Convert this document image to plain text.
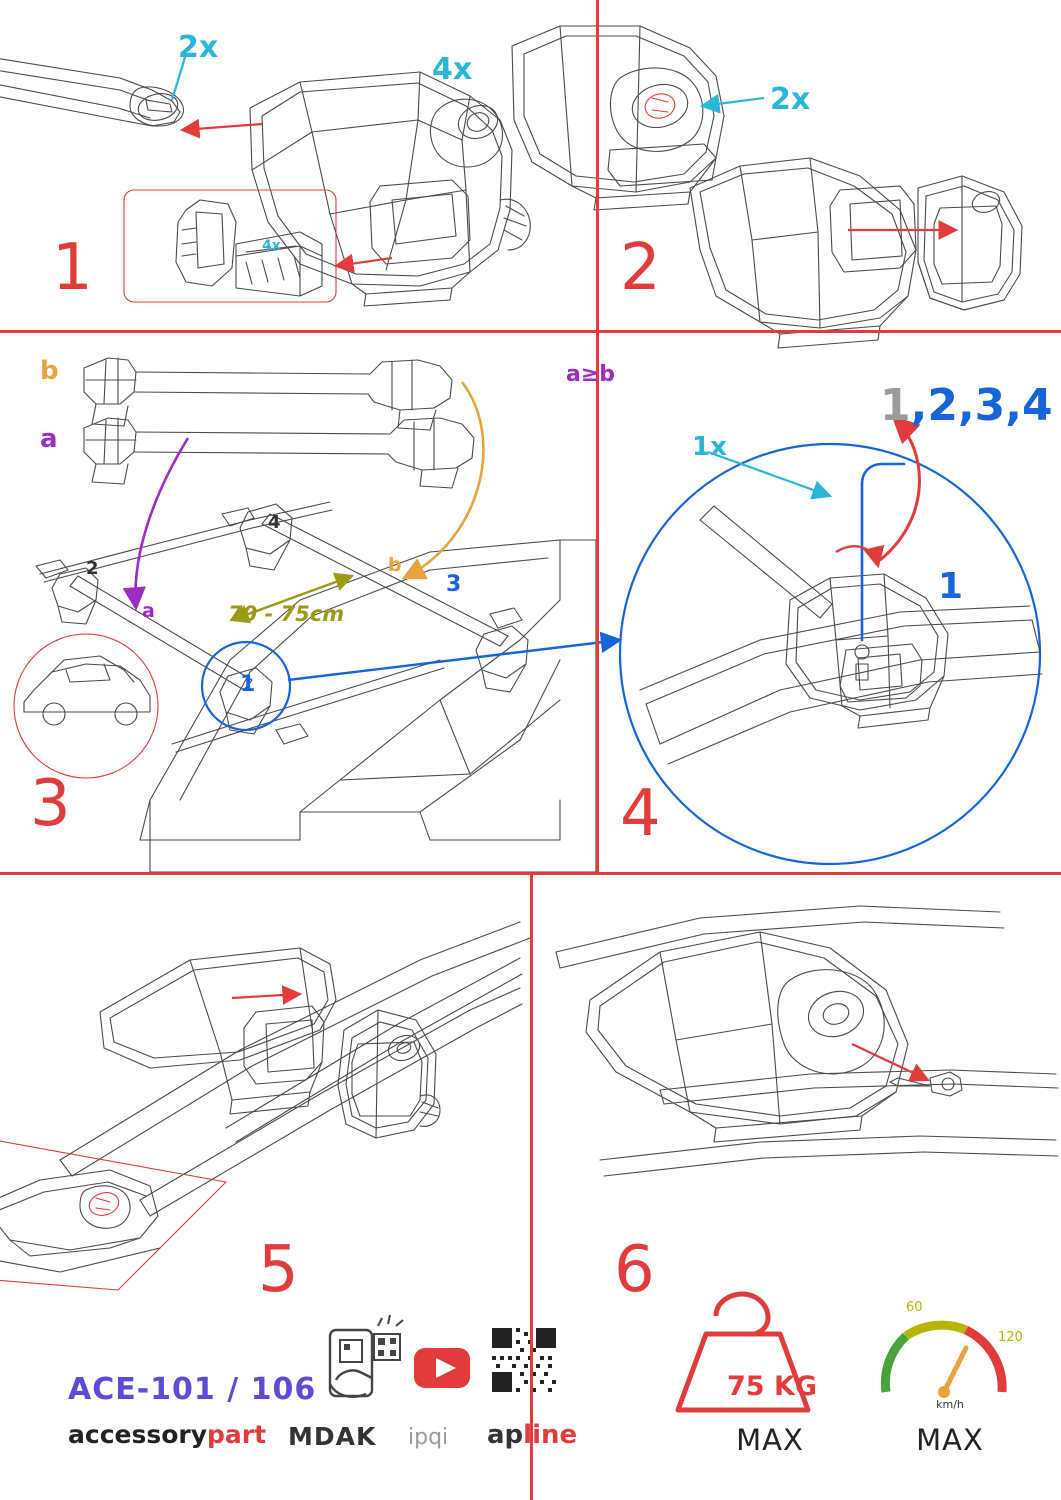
1	2
3	4
5	6
2x
4x
4x
2x
b
a
a
b
70 - 75cm
1
2
3
4
a≥b
1x
1,2,3,4
1
ACE-101 / 106
accessorypart MDAK ipqi apline
75 KG
MAX	MAX
km/h
60
120
